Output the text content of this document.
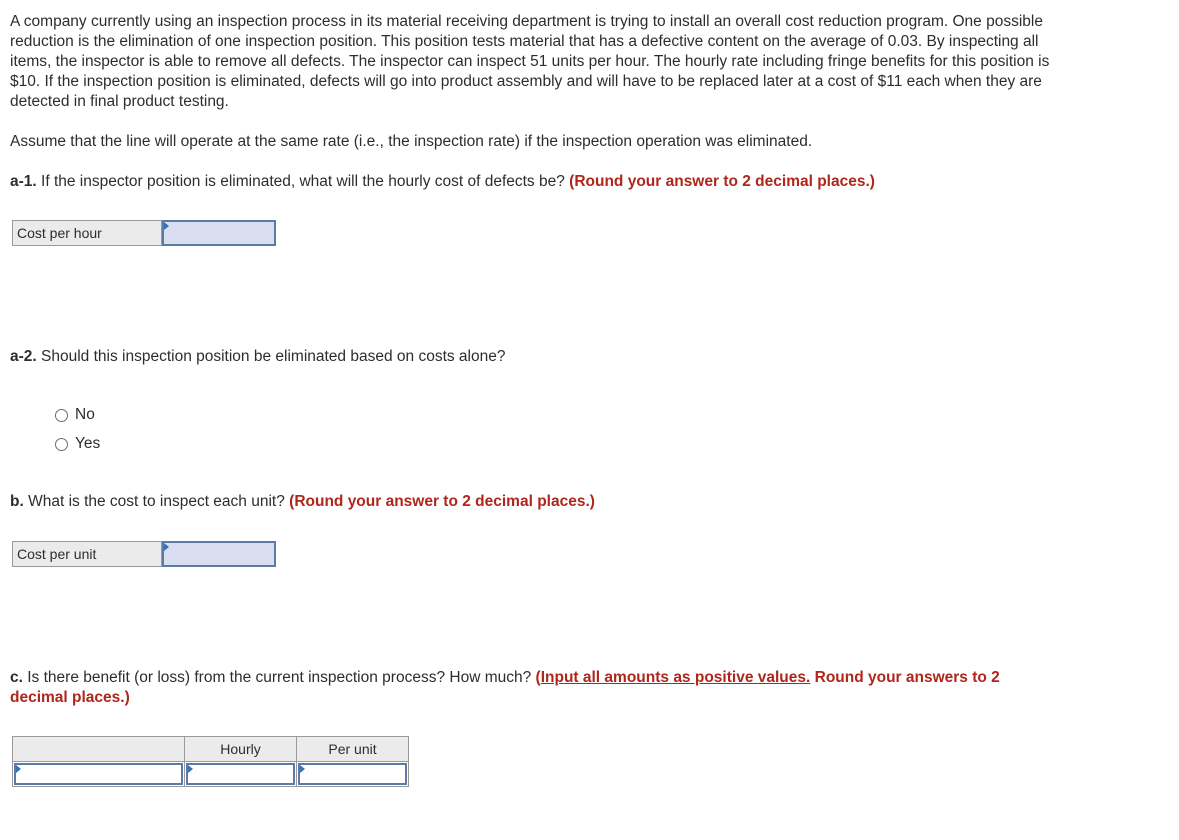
A company currently using an inspection process in its material receiving department is trying to install an overall cost reduction program. One possible reduction is the elimination of one inspection position. This position tests material that has a defective content on the average of 0.03. By inspecting all items, the inspector is able to remove all defects. The inspector can inspect 51 units per hour. The hourly rate including fringe benefits for this position is $10. If the inspection position is eliminated, defects will go into product assembly and will have to be replaced later at a cost of $11 each when they are detected in final product testing.

Assume that the line will operate at the same rate (i.e., the inspection rate) if the inspection operation was eliminated.

a-1. If the inspector position is eliminated, what will the hourly cost of defects be? (Round your answer to 2 decimal places.)

Cost per hour

a-2. Should this inspection position be eliminated based on costs alone?

No
Yes

b. What is the cost to inspect each unit? (Round your answer to 2 decimal places.)

Cost per unit

c. Is there benefit (or loss) from the current inspection process? How much? (Input all amounts as positive values. Round your answers to 2 decimal places.)

	Hourly	Per unit
